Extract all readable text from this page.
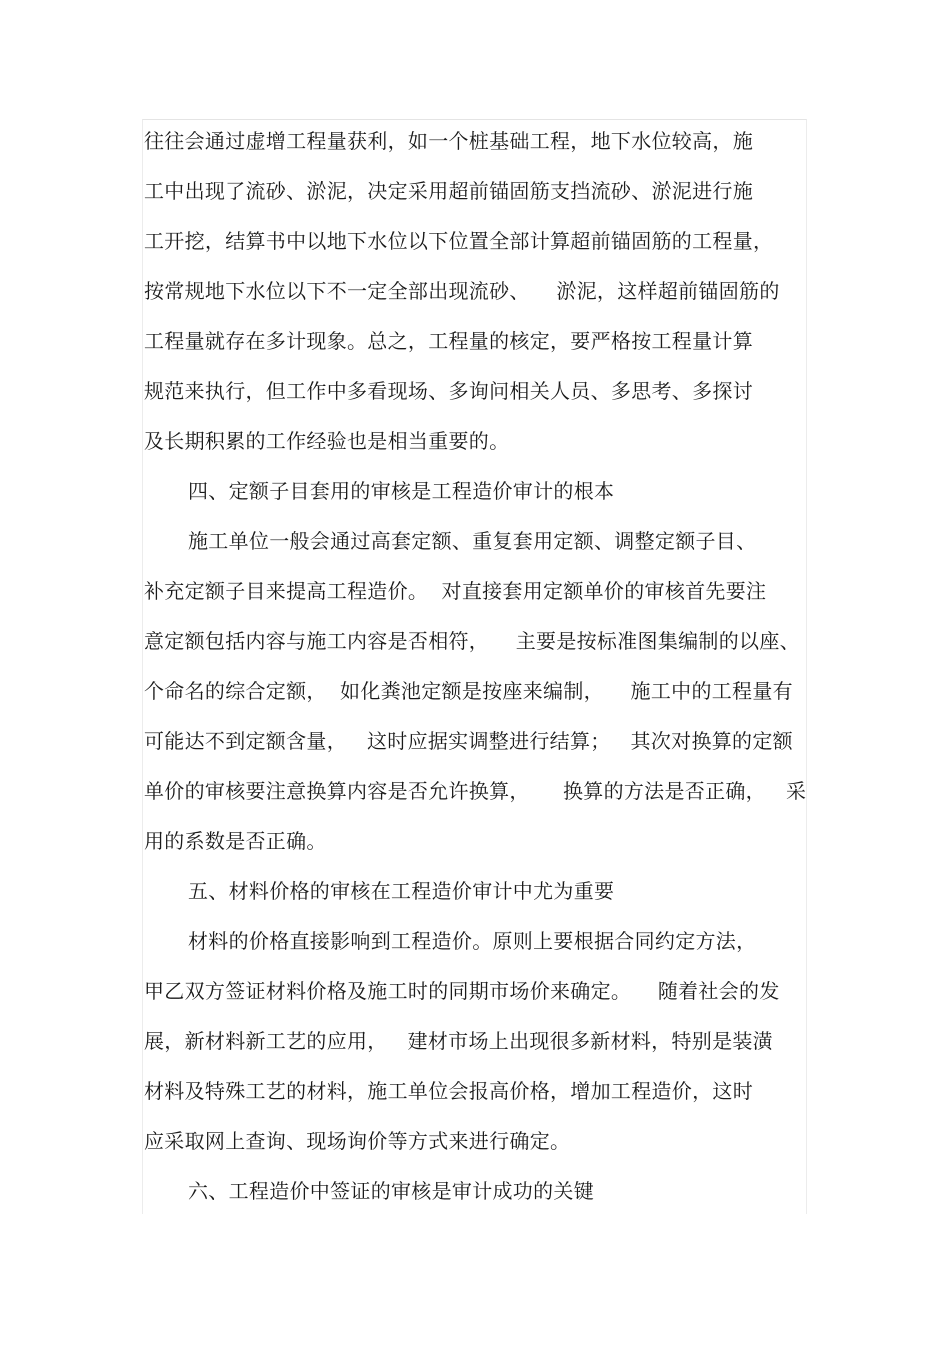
往往会通过虚增工程量获利，如一个桩基础工程，地下水位较高，施
工中出现了流砂、淤泥，决定采用超前锚固筋支挡流砂、淤泥进行施
工开挖，结算书中以地下水位以下位置全部计算超前锚固筋的工程量，
按常规地下水位以下不一定全部出现流砂、    淤泥，这样超前锚固筋的
工程量就存在多计现象。总之，工程量的核定，要严格按工程量计算
规范来执行，但工作中多看现场、多询问相关人员、多思考、多探讨
及长期积累的工作经验也是相当重要的。
四、定额子目套用的审核是工程造价审计的根本
施工单位一般会通过高套定额、重复套用定额、调整定额子目、
补充定额子目来提高工程造价。  对直接套用定额单价的审核首先要注
意定额包括内容与施工内容是否相符，    主要是按标准图集编制的以座、
个命名的综合定额，  如化粪池定额是按座来编制，    施工中的工程量有
可能达不到定额含量，   这时应据实调整进行结算；   其次对换算的定额
单价的审核要注意换算内容是否允许换算，     换算的方法是否正确，   采
用的系数是否正确。
五、材料价格的审核在工程造价审计中尤为重要
材料的价格直接影响到工程造价。原则上要根据合同约定方法，
甲乙双方签证材料价格及施工时的同期市场价来确定。    随着社会的发
展，新材料新工艺的应用，   建材市场上出现很多新材料，特别是装潢
材料及特殊工艺的材料，施工单位会报高价格，增加工程造价，这时
应采取网上查询、现场询价等方式来进行确定。
六、工程造价中签证的审核是审计成功的关键
